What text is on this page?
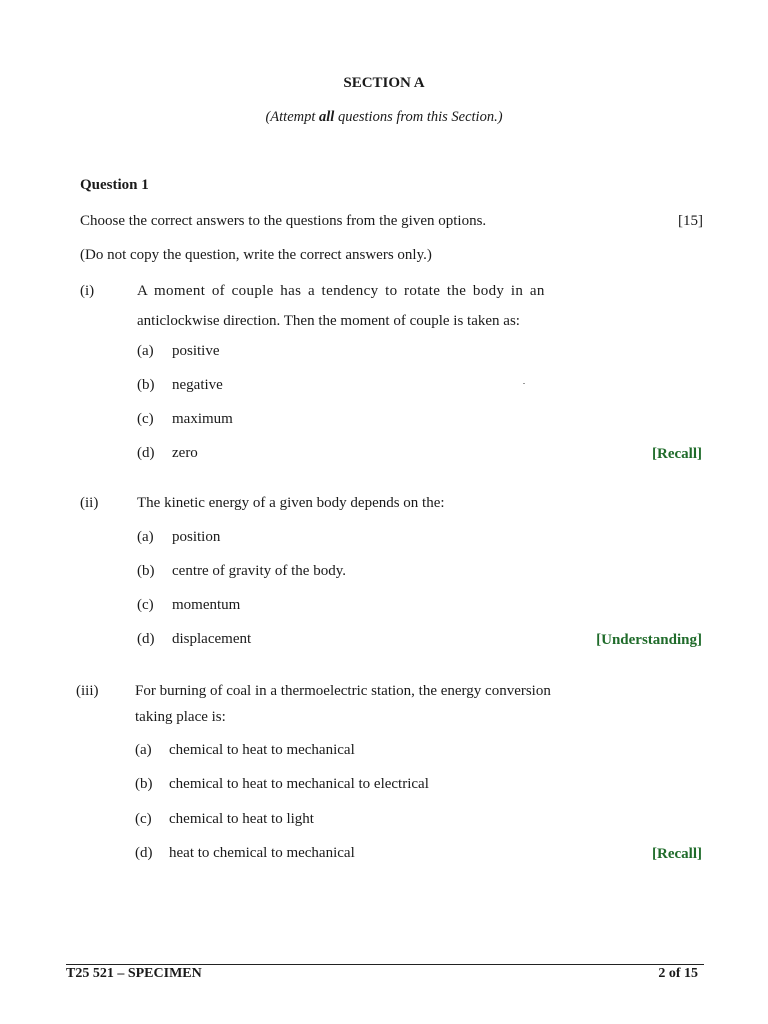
SECTION A
(Attempt all questions from this Section.)
Question 1
Choose the correct answers to the questions from the given options.	[15]
(Do not copy the question, write the correct answers only.)
(i)	A moment of couple has a tendency to rotate the body in an
anticlockwise direction. Then the moment of couple is taken as:
(a) positive
(b) negative
(c) maximum
(d) zero	[Recall]
(ii)	The kinetic energy of a given body depends on the:
(a) position
(b) centre of gravity of the body.
(c) momentum
(d) displacement	[Understanding]
(iii) For burning of coal in a thermoelectric station, the energy conversion
taking place is:
(a) chemical to heat to mechanical
(b) chemical to heat to mechanical to electrical
(c) chemical to heat to light
(d) heat to chemical to mechanical	[Recall]
T25 521 – SPECIMEN	2 of 15
